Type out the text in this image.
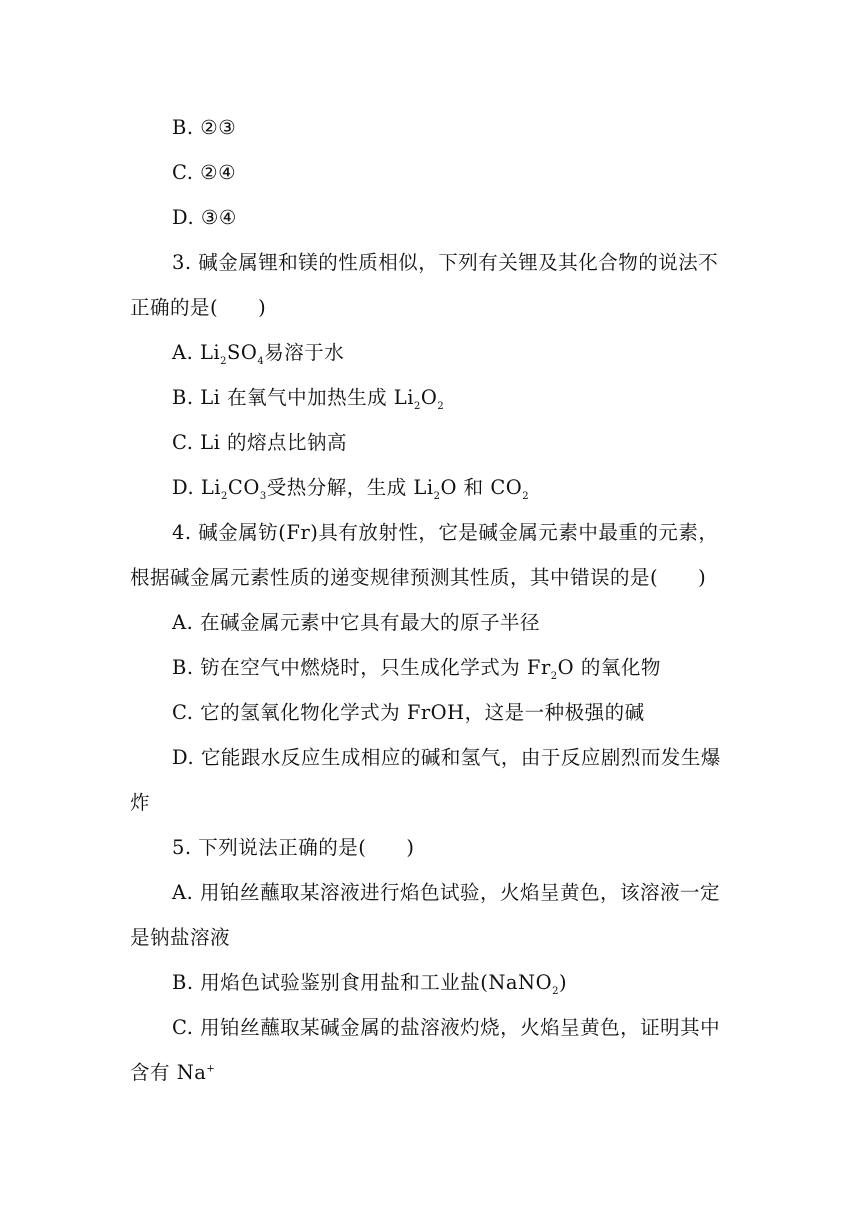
B. ②③
C. ②④
D. ③④
3. 碱金属锂和镁的性质相似，下列有关锂及其化合物的说法不
正确的是(　　)
A. $Li_2SO_4$易溶于水
B. Li 在氧气中加热生成 $Li_2O_2$
C. Li 的熔点比钠高
D. $Li_2CO_3$受热分解，生成 $Li_2O$ 和 $CO_2$
4. 碱金属钫(Fr)具有放射性，它是碱金属元素中最重的元素，
根据碱金属元素性质的递变规律预测其性质，其中错误的是(　　)
A. 在碱金属元素中它具有最大的原子半径
B. 钫在空气中燃烧时，只生成化学式为 $Fr_2O$ 的氧化物
C. 它的氢氧化物化学式为 FrOH，这是一种极强的碱
D. 它能跟水反应生成相应的碱和氢气，由于反应剧烈而发生爆
炸
5. 下列说法正确的是(　　)
A. 用铂丝蘸取某溶液进行焰色试验，火焰呈黄色，该溶液一定
是钠盐溶液
B. 用焰色试验鉴别食用盐和工业盐(NaNO$_2$)
C. 用铂丝蘸取某碱金属的盐溶液灼烧，火焰呈黄色，证明其中
含有 Na+
